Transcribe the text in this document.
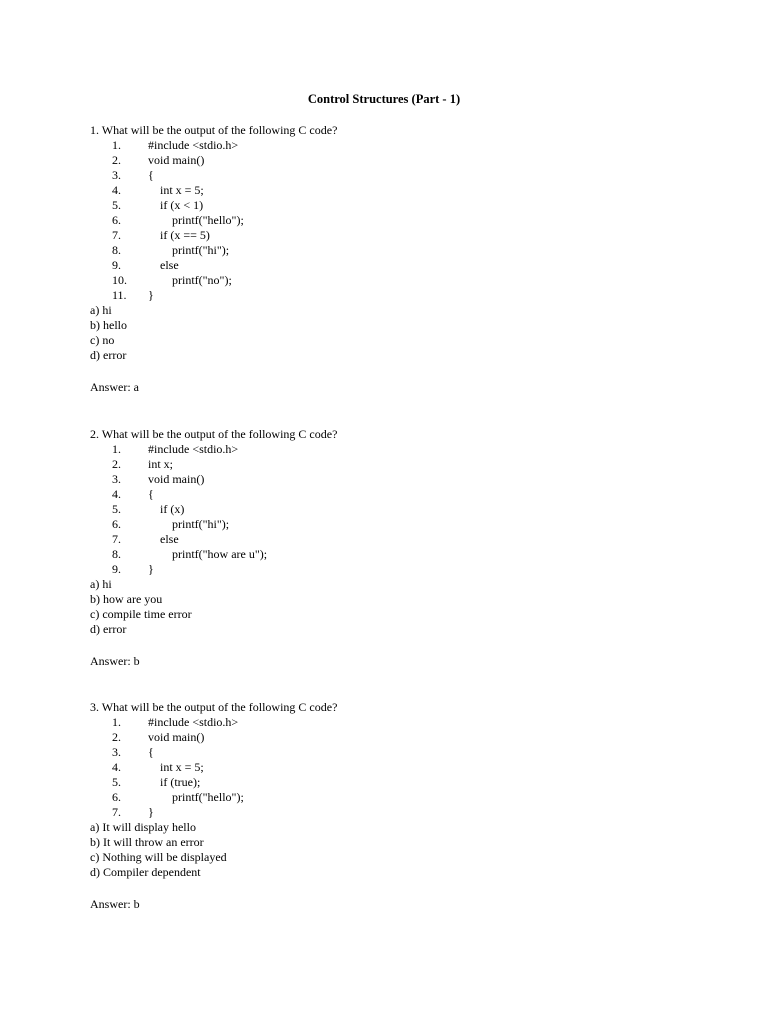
Control Structures (Part - 1)
1. What will be the output of the following C code?
1.	#include <stdio.h>
2.	void main()
3.	{
4.	int x = 5;
5.	if (x < 1)
6.	printf("hello");
7.	if (x == 5)
8.	printf("hi");
9.	else
10.	printf("no");
11.	}
a) hi
b) hello
c) no
d) error
Answer: a
2. What will be the output of the following C code?
1.	#include <stdio.h>
2.	int x;
3.	void main()
4.	{
5.	if (x)
6.	printf("hi");
7.	else
8.	printf("how are u");
9.	}
a) hi
b) how are you
c) compile time error
d) error
Answer: b
3. What will be the output of the following C code?
1.	#include <stdio.h>
2.	void main()
3.	{
4.	int x = 5;
5.	if (true);
6.	printf("hello");
7.	}
a) It will display hello
b) It will throw an error
c) Nothing will be displayed
d) Compiler dependent
Answer: b
